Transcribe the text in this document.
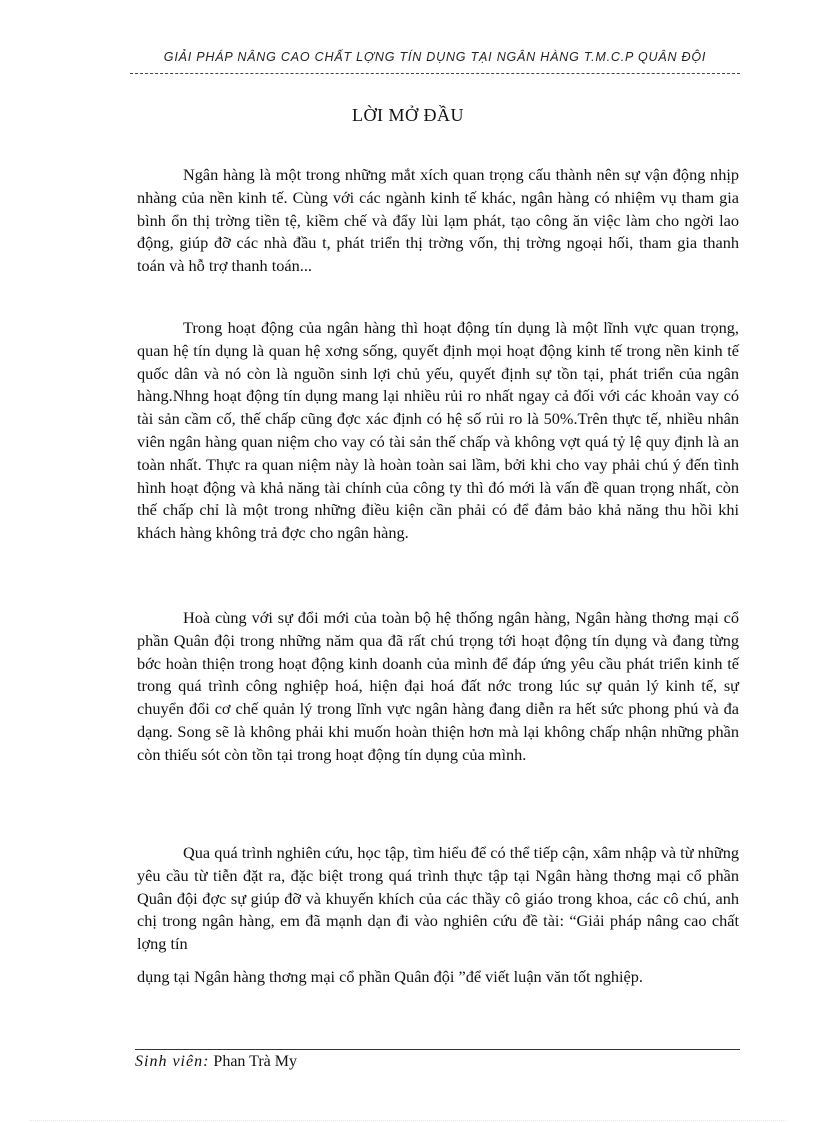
GIẢI PHÁP NÂNG CAO CHẤT LỢNG TÍN DỤNG TẠI NGÂN HÀNG T.M.C.P QUÂN ĐỘI
LỜI MỞ ĐẦU

Ngân hàng là một trong những mắt xích quan trọng cấu thành nên sự vận động nhịp nhàng của nền kinh tế. Cùng với các ngành kinh tế khác, ngân hàng có nhiệm vụ tham gia bình ổn thị trờng tiền tệ, kiềm chế và đẩy lùi lạm phát, tạo công ăn việc làm cho ngời lao động, giúp đỡ các nhà đầu t, phát triển thị trờng vốn, thị trờng ngoại hối, tham gia thanh toán và hỗ trợ thanh toán...

Trong hoạt động của ngân hàng thì hoạt động tín dụng là một lĩnh vực quan trọng, quan hệ tín dụng là quan hệ xơng sống, quyết định mọi hoạt động kinh tế trong nền kinh tế quốc dân và nó còn là nguồn sinh lợi chủ yếu, quyết định sự tồn tại, phát triển của ngân hàng.Nhng hoạt động tín dụng mang lại nhiều rủi ro nhất ngay cả đối với các khoản vay có tài sản cầm cố, thế chấp cũng đợc xác định có hệ số rủi ro là 50%.Trên thực tế, nhiều nhân viên ngân hàng quan niệm cho vay có tài sản thế chấp và không vợt quá tỷ lệ quy định là an toàn nhất. Thực ra quan niệm này là hoàn toàn sai lầm, bởi khi cho vay phải chú ý đến tình hình hoạt động và khả năng tài chính của công ty thì đó mới là vấn đề quan trọng nhất, còn thế chấp chỉ là một trong những điều kiện cần phải có để đảm bảo khả năng thu hồi khi khách hàng không trả đợc cho ngân hàng.

Hoà cùng với sự đổi mới của toàn bộ hệ thống ngân hàng, Ngân hàng thơng mại cổ phần Quân đội trong những năm qua đã rất chú trọng tới hoạt động tín dụng và đang từng bớc hoàn thiện trong hoạt động kinh doanh của mình để đáp ứng yêu cầu phát triển kinh tế trong quá trình công nghiệp hoá, hiện đại hoá đất nớc trong lúc sự quản lý kinh tế, sự chuyển đổi cơ chế quản lý trong lĩnh vực ngân hàng đang diễn ra hết sức phong phú và đa dạng. Song sẽ là không phải khi muốn hoàn thiện hơn mà lại không chấp nhận những phần còn thiếu sót còn tồn tại trong hoạt động tín dụng của mình.

Qua quá trình nghiên cứu, học tập, tìm hiểu để có thể tiếp cận, xâm nhập và từ những yêu cầu từ tiễn đặt ra, đặc biệt trong quá trình thực tập tại Ngân hàng thơng mại cổ phần Quân đội đợc sự giúp đỡ và khuyến khích của các thầy cô giáo trong khoa, các cô chú, anh chị trong ngân hàng, em đã mạnh dạn đi vào nghiên cứu đề tài: “Giải pháp nâng cao chất lợng tín

dụng tại Ngân hàng thơng mại cổ phần Quân đội ”để viết luận văn tốt nghiệp.

Sinh viên: Phan Trà My
